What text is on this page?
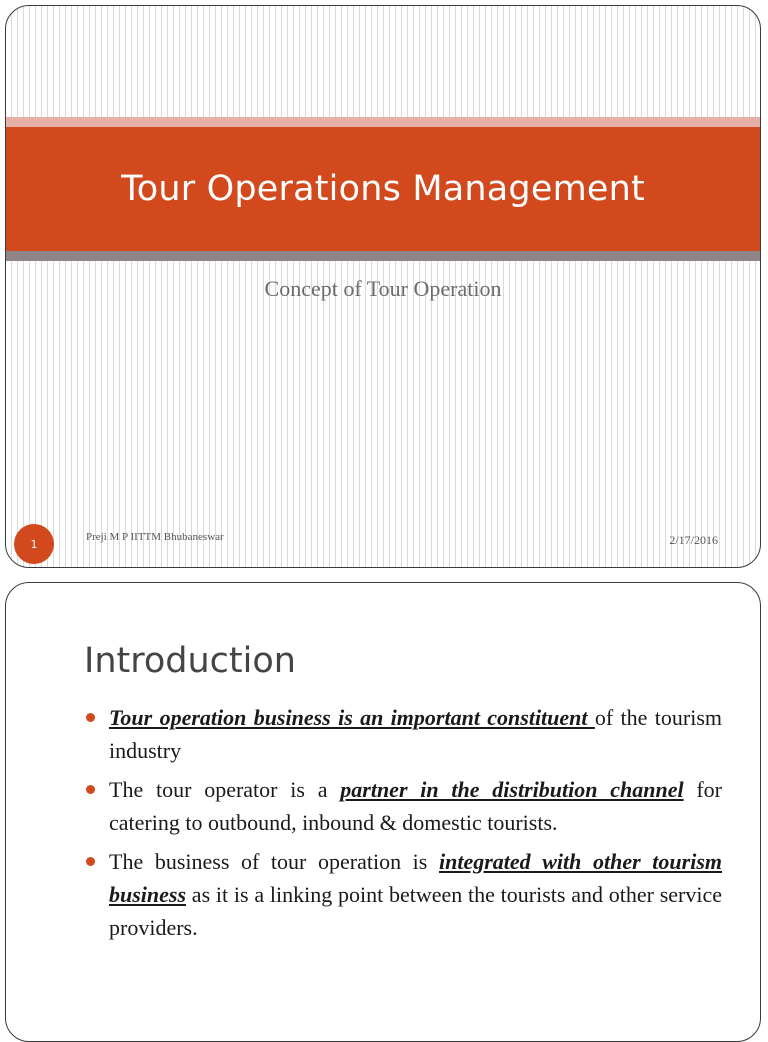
Tour Operations Management
Concept of Tour Operation
1
Preji M P IITTM Bhubaneswar	2/17/2016
Introduction
Tour operation business is an important constituent of the tourism industry
The tour operator is a partner in the distribution channel for catering to outbound, inbound & domestic tourists.
The business of tour operation is integrated with other tourism business as it is a linking point between the tourists and other service providers.
